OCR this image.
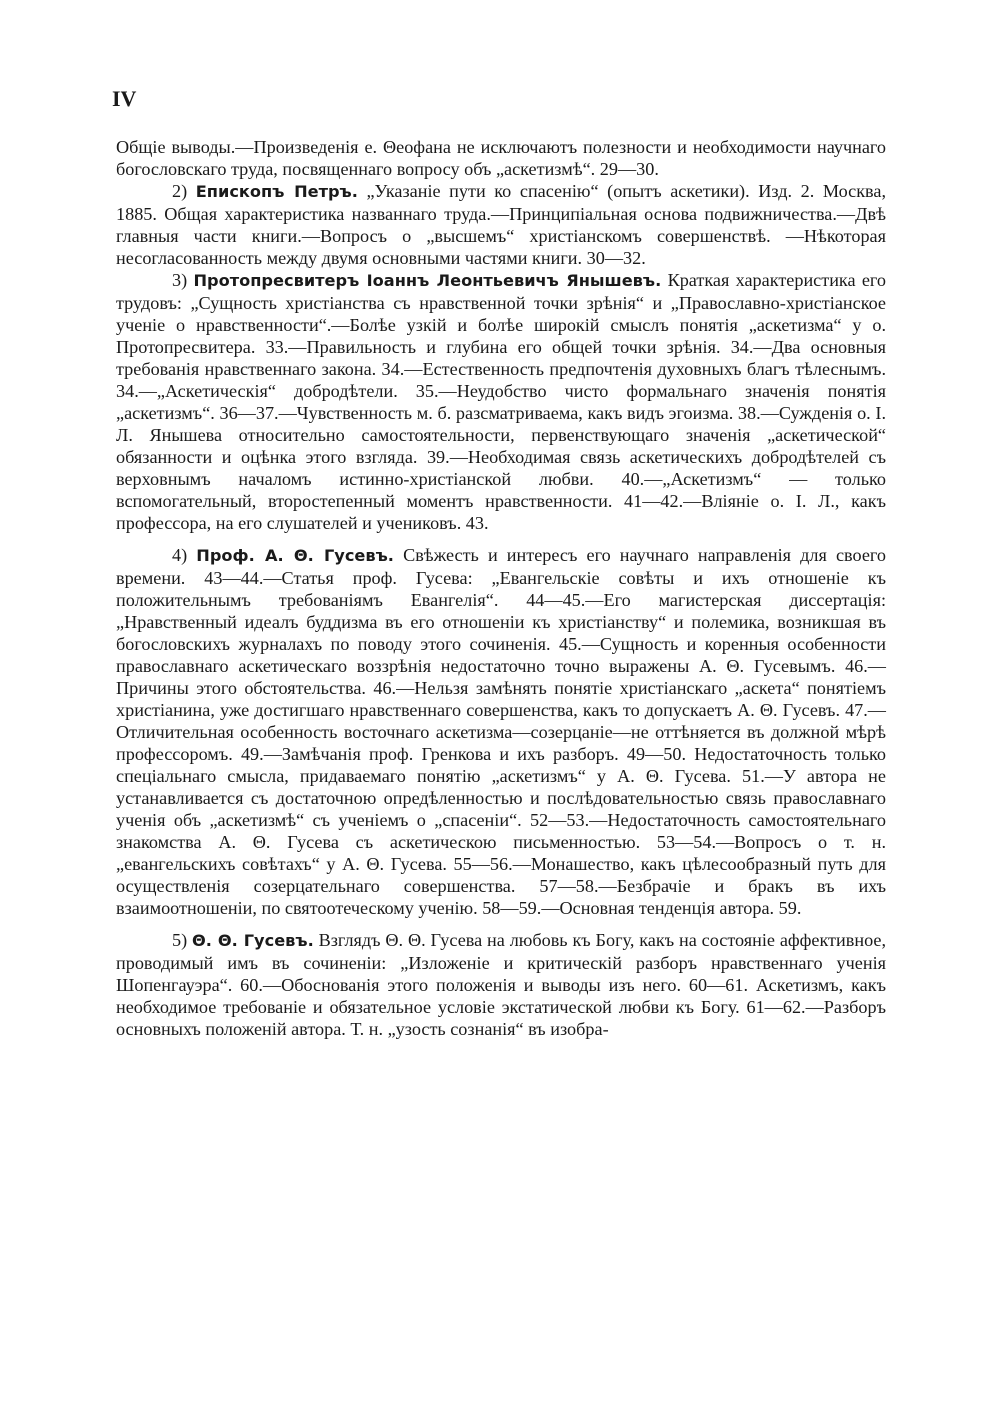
IV

Общіе выводы.—Произведенія е. Θеофана не исключаютъ полезности и необходимости научнаго богословскаго труда, посвященнаго вопросу объ „аскетизмѣ“. 29—30.

2) Епископъ Петръ. „Указаніе пути ко спасенію“ (опытъ аскетики). Изд. 2. Москва, 1885. Общая характеристика названнаго труда.—Принципіальная основа подвижничества.—Двѣ главныя части книги.—Вопросъ о „высшемъ“ христіанскомъ совершенствѣ. —Нѣкоторая несогласованность между двумя основными частями книги. 30—32.

3) Протопресвитеръ Іоаннъ Леонтьевичъ Янышевъ. Краткая характеристика его трудовъ: „Сущность христіанства съ нравственной точки зрѣнія“ и „Православно-христіанское ученіе о нравственности“.—Болѣе узкій и болѣе широкій смыслъ понятія „аскетизма“ у о. Протопресвитера. 33.—Правильность и глубина его общей точки зрѣнія. 34.—Два основныя требованія нравственнаго закона. 34.—Естественность предпочтенія духовныхъ благъ тѣлеснымъ. 34.—„Аскетическія“ добродѣтели. 35.—Неудобство чисто формальнаго значенія понятія „аскетизмъ“. 36—37.—Чувственность м. б. разсматриваема, какъ видъ эгоизма. 38.—Сужденія о. І. Л. Янышева относительно самостоятельности, первенствующаго значенія „аскетической“ обязанности и оцѣнка этого взгляда. 39.—Необходимая связь аскетическихъ добродѣтелей съ верховнымъ началомъ истинно-христіанской любви. 40.—„Аскетизмъ“ — только вспомогательный, второстепенный моментъ нравственности. 41—42.—Вліяніе о. І. Л., какъ профессора, на его слушателей и учениковъ. 43.

4) Проф. А. Θ. Гусевъ. Свѣжесть и интересъ его научнаго направленія для своего времени. 43—44.—Статья проф. Гусева: „Евангельскіе совѣты и ихъ отношеніе къ положительнымъ требованіямъ Евангелія“. 44—45.—Его магистерская диссертація: „Нравственный идеалъ буддизма въ его отношеніи къ христіанству“ и полемика, возникшая въ богословскихъ журналахъ по поводу этого сочиненія. 45.—Сущность и коренныя особенности православнаго аскетическаго воззрѣнія недостаточно точно выражены А. Θ. Гусевымъ. 46.—Причины этого обстоятельства. 46.—Нельзя замѣнять понятіе христіанскаго „аскета“ понятіемъ христіанина, уже достигшаго нравственнаго совершенства, какъ то допускаетъ А. Θ. Гусевъ. 47.—Отличительная особенность восточнаго аскетизма—созерцаніе—не оттѣняется въ должной мѣрѣ профессоромъ. 49.—Замѣчанія проф. Гренкова и ихъ разборъ. 49—50. Недостаточность только спеціальнаго смысла, придаваемаго понятію „аскетизмъ“ у А. Θ. Гусева. 51.—У автора не устанавливается съ достаточною опредѣленностью и послѣдовательностью связь православнаго ученія объ „аскетизмѣ“ съ ученіемъ о „спасеніи“. 52—53.—Недостаточность самостоятельнаго знакомства А. Θ. Гусева съ аскетическою письменностью. 53—54.—Вопросъ о т. н. „евангельскихъ совѣтахъ“ у А. Θ. Гусева. 55—56.—Монашество, какъ цѣлесообразный путь для осуществленія созерцательнаго совершенства. 57—58.—Безбрачіе и бракъ въ ихъ взаимоотношеніи, по святоотеческому ученію. 58—59.—Основная тенденція автора. 59.

5) Θ. Θ. Гусевъ. Взглядъ Θ. Θ. Гусева на любовь къ Богу, какъ на состояніе аффективное, проводимый имъ въ сочиненіи: „Изложеніе и критическій разборъ нравственнаго ученія Шопенгауэра“. 60.—Обоснованія этого положенія и выводы изъ него. 60—61. Аскетизмъ, какъ необходимое требованіе и обязательное условіе экстатической любви къ Богу. 61—62.—Разборъ основныхъ положеній автора. Т. н. „узость сознанія“ въ изобра-
